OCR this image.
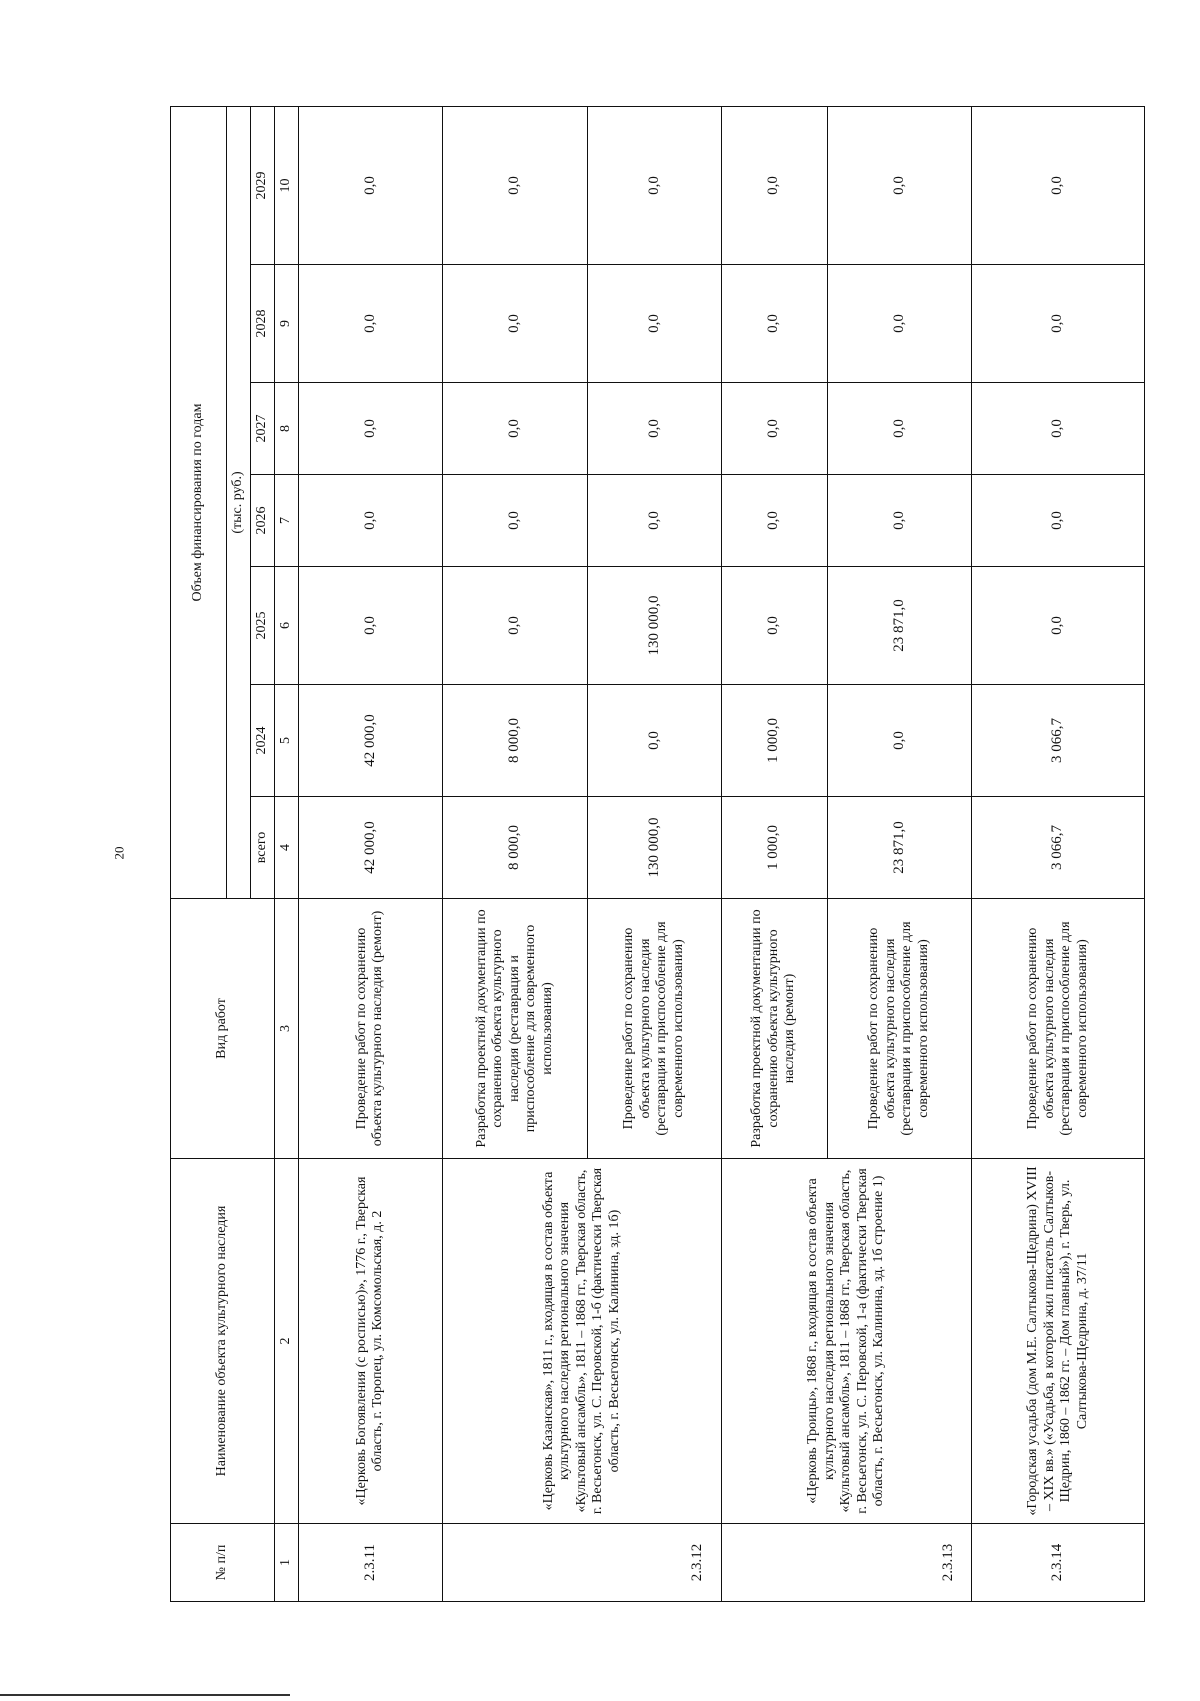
20
№ п/п	Наименование объекта культурного наследия	Вид работ	Объем финансирования по годам						
			(тыс. руб.)						
			всего	2024	2025	2026	2027	2028	2029
1	2	3	4	5	6	7	8	9	10
2.3.11	«Церковь Богоявления (с росписью)», 1776 г., Тверская область, г. Торопец, ул. Комсомольская, д. 2	Проведение работ по сохранению объекта культурного наследия (ремонт)	42 000,0	42 000,0	0,0	0,0	0,0	0,0	0,0
2.3.12	«Церковь Казанская», 1811 г., входящая в состав объекта культурного наследия регионального значения «Культовый ансамбль», 1811 – 1868 гг., Тверская область, г. Весьегонск, ул. С. Перовской, 1-б (фактически Тверская область, г. Весьегонск, ул. Калинина, зд. 1б)	Разработка проектной документации по сохранению объекта культурного наследия (реставрация и приспособление для современного использования)	8 000,0	8 000,0	0,0	0,0	0,0	0,0	0,0
		Проведение работ по сохранению объекта культурного наследия (реставрация и приспособление для современного использования)	130 000,0	0,0	130 000,0	0,0	0,0	0,0	0,0
2.3.13	«Церковь Троицы», 1868 г., входящая в состав объекта культурного наследия регионального значения «Культовый ансамбль», 1811 – 1868 гг., Тверская область, г. Весьегонск, ул. С. Перовской, 1-а (фактически Тверская область, г. Весьегонск, ул. Калинина, зд. 1б строение 1)	Разработка проектной документации по сохранению объекта культурного наследия (ремонт)	1 000,0	1 000,0	0,0	0,0	0,0	0,0	0,0
		Проведение работ по сохранению объекта культурного наследия (реставрация и приспособление для современного использования)	23 871,0	0,0	23 871,0	0,0	0,0	0,0	0,0
2.3.14	«Городская усадьба (дом М.Е. Салтыкова-Щедрина) XVIII – XIX вв.» («Усадьба, в которой жил писатель Салтыков-Щедрин, 1860 – 1862 гг. – Дом главный»), г. Тверь, ул. Салтыкова-Щедрина, д. 37/11	Проведение работ по сохранению объекта культурного наследия (реставрация и приспособление для современного использования)	3 066,7	3 066,7	0,0	0,0	0,0	0,0	0,0
